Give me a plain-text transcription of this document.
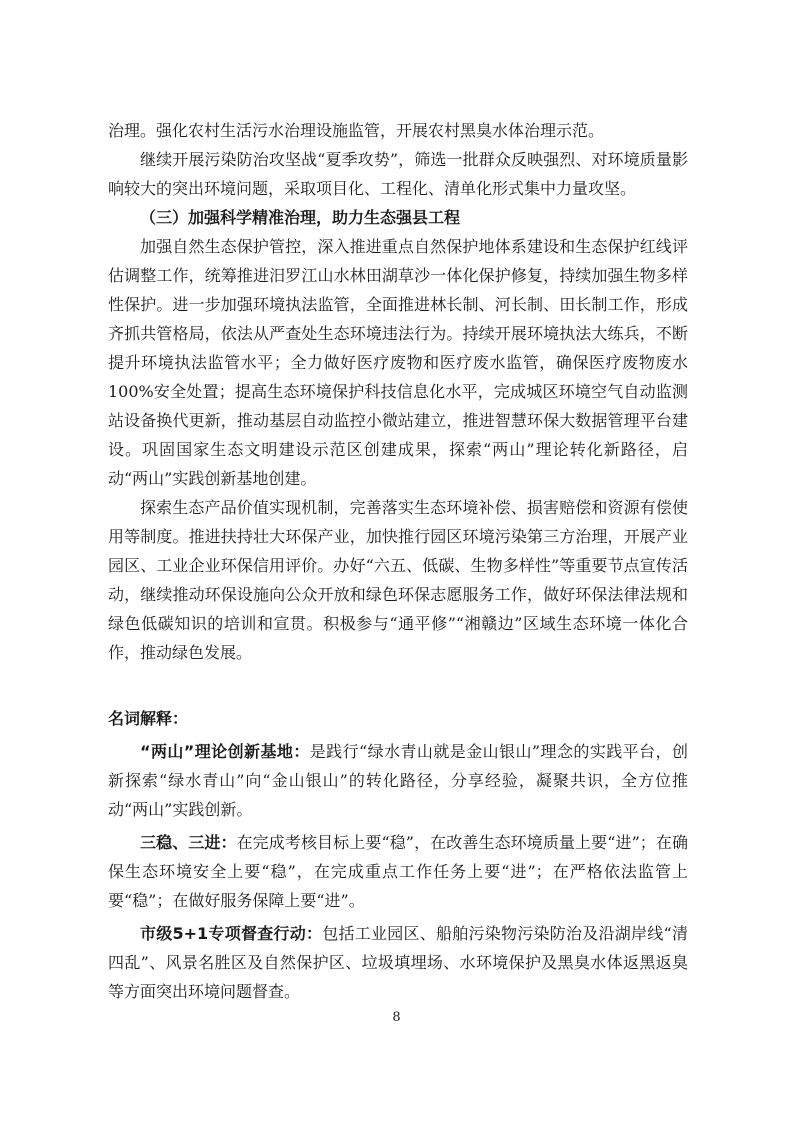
治理。强化农村生活污水治理设施监管，开展农村黑臭水体治理示范。

继续开展污染防治攻坚战“夏季攻势”，筛选一批群众反映强烈、对环境质量影响较大的突出环境问题，采取项目化、工程化、清单化形式集中力量攻坚。

（三）加强科学精准治理，助力生态强县工程

加强自然生态保护管控，深入推进重点自然保护地体系建设和生态保护红线评估调整工作，统筹推进汨罗江山水林田湖草沙一体化保护修复，持续加强生物多样性保护。进一步加强环境执法监管，全面推进林长制、河长制、田长制工作，形成齐抓共管格局，依法从严查处生态环境违法行为。持续开展环境执法大练兵，不断提升环境执法监管水平；全力做好医疗废物和医疗废水监管，确保医疗废物废水100%安全处置；提高生态环境保护科技信息化水平，完成城区环境空气自动监测站设备换代更新，推动基层自动监控小微站建立，推进智慧环保大数据管理平台建设。巩固国家生态文明建设示范区创建成果，探索“两山”理论转化新路径，启动“两山”实践创新基地创建。

探索生态产品价值实现机制，完善落实生态环境补偿、损害赔偿和资源有偿使用等制度。推进扶持壮大环保产业，加快推行园区环境污染第三方治理，开展产业园区、工业企业环保信用评价。办好“六五、低碳、生物多样性”等重要节点宣传活动，继续推动环保设施向公众开放和绿色环保志愿服务工作，做好环保法律法规和绿色低碳知识的培训和宣贯。积极参与“通平修”“湘赣边”区域生态环境一体化合作，推动绿色发展。

名词解释：

“两山”理论创新基地：是践行“绿水青山就是金山银山”理念的实践平台，创新探索“绿水青山”向“金山银山”的转化路径，分享经验，凝聚共识，全方位推动“两山”实践创新。

三稳、三进：在完成考核目标上要“稳”，在改善生态环境质量上要“进”；在确保生态环境安全上要“稳”，在完成重点工作任务上要“进”；在严格依法监管上要“稳”；在做好服务保障上要“进”。

市级5+1专项督查行动：包括工业园区、船舶污染物污染防治及沿湖岸线“清四乱”、风景名胜区及自然保护区、垃圾填埋场、水环境保护及黑臭水体返黑返臭等方面突出环境问题督查。

8
